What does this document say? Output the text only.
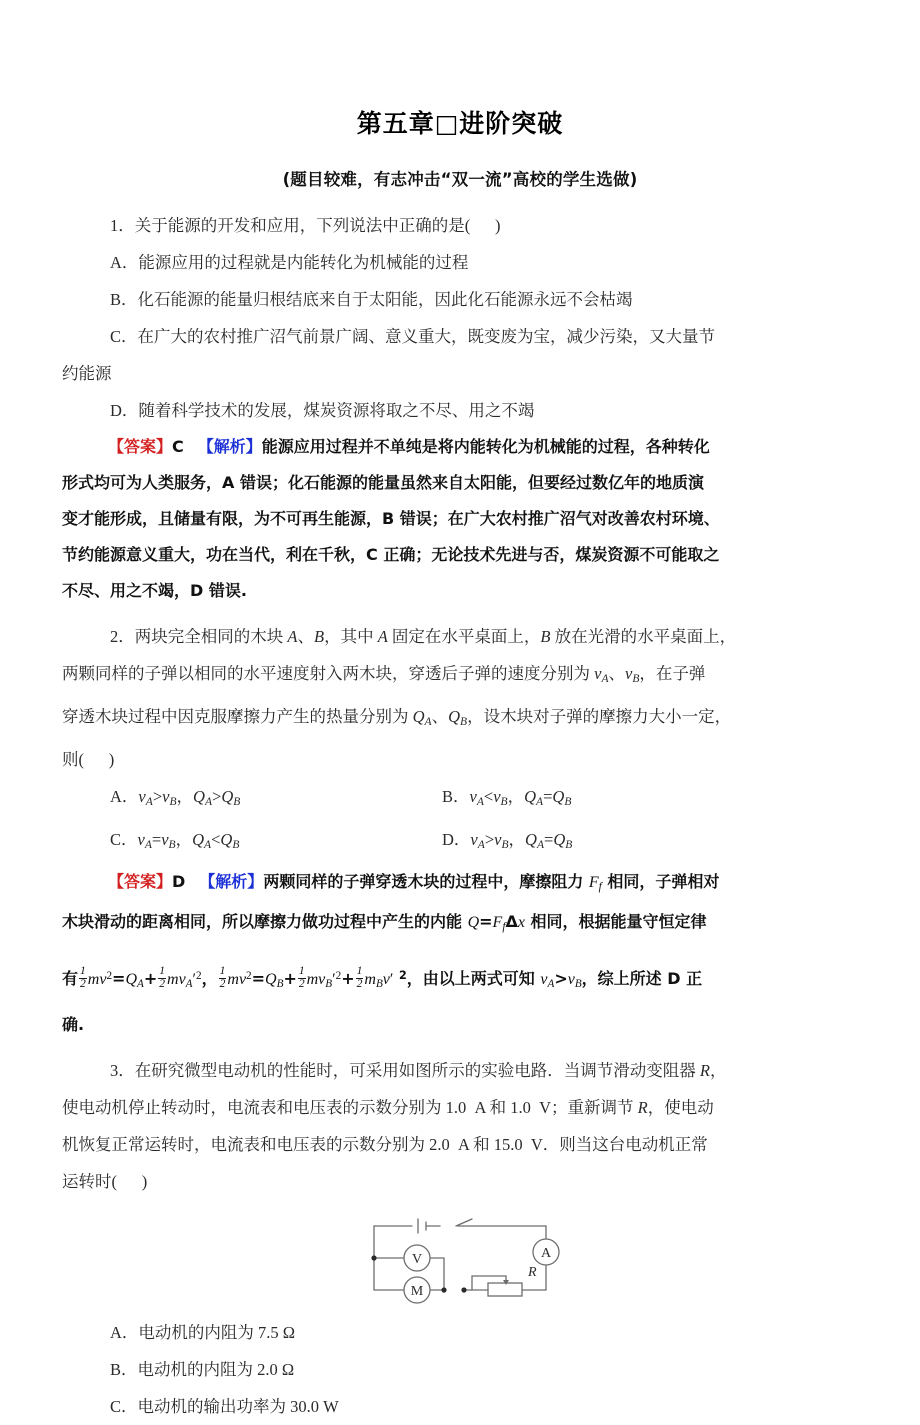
第五章□进阶突破

(题目较难，有志冲击“双一流”高校的学生选做)

1．关于能源的开发和应用，下列说法中正确的是(      )

A．能源应用的过程就是内能转化为机械能的过程

B．化石能源的能量归根结底来自于太阳能，因此化石能源永远不会枯竭

C．在广大的农村推广沼气前景广阔、意义重大，既变废为宝，减少污染，又大量节

约能源

D．随着科学技术的发展，煤炭资源将取之不尽、用之不竭

【答案】C 【解析】能源应用过程并不单纯是将内能转化为机械能的过程，各种转化

形式均可为人类服务，A 错误；化石能源的能量虽然来自太阳能，但要经过数亿年的地质演

变才能形成，且储量有限，为不可再生能源，B 错误；在广大农村推广沼气对改善农村环境、

节约能源意义重大，功在当代，利在千秋，C 正确；无论技术先进与否，煤炭资源不可能取之

不尽、用之不竭，D 错误.

2．两块完全相同的木块 A、B，其中 A 固定在水平桌面上，B 放在光滑的水平桌面上，

两颗同样的子弹以相同的水平速度射入两木块，穿透后子弹的速度分别为 $v_A$、$v_B$，在子弹

穿透木块过程中因克服摩擦力产生的热量分别为 $Q_A$、$Q_B$，设木块对子弹的摩擦力大小一定，

则(      )

A．$v_A>v_B$，$Q_A>Q_B$	B．$v_A<v_B$，$Q_A=Q_B$
C．$v_A=v_B$，$Q_A<Q_B$	D．$v_A>v_B$，$Q_A=Q_B$

【答案】D 【解析】两颗同样的子弹穿透木块的过程中，摩擦阻力 $F_f$ 相同，子弹相对

木块滑动的距离相同，所以摩擦力做功过程中产生的内能 $Q=F_f\Delta x$ 相同，根据能量守恒定律

有 $\frac{1}{2} mv^2=Q_A+ \frac{1}{2} mv_A'^2$， $\frac{1}{2} mv^2=Q_B+ \frac{1}{2} mv_B'^2+ \frac{1}{2} m_Bv'$ $^2$，由以上两式可知 $v_A>v_B$，综上所述 D 正

确.

3．在研究微型电动机的性能时，可采用如图所示的实验电路．当调节滑动变阻器 R，

使电动机停止转动时，电流表和电压表的示数分别为 1.0  A 和 1.0  V；重新调节 R，使电动

机恢复正常运转时，电流表和电压表的示数分别为 2.0  A 和 15.0  V．则当这台电动机正常

运转时(      )

V
M
A
R

A．电动机的内阻为 7.5 Ω

B．电动机的内阻为 2.0 Ω

C．电动机的输出功率为 30.0 W
